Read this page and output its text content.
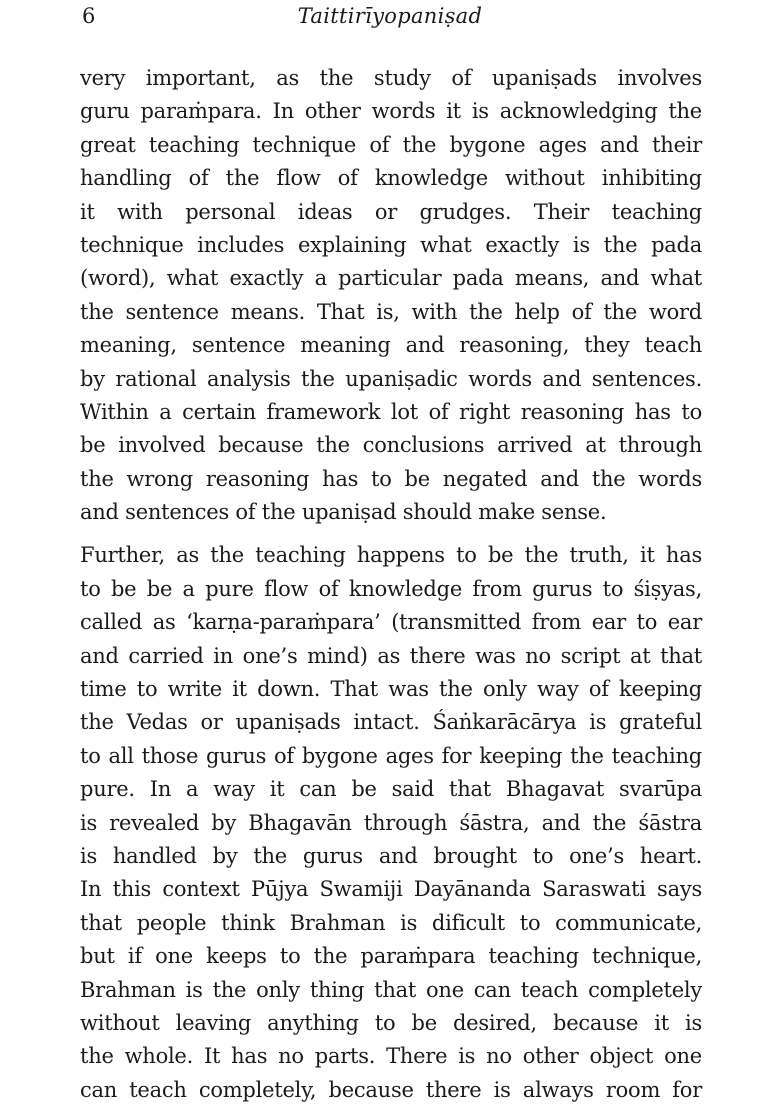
6	Taittirīyopaniṣad
very important, as the study of upaniṣads involves
guru paraṁpara. In other words it is acknowledging the
great teaching technique of the bygone ages and their
handling of the flow of knowledge without inhibiting
it with personal ideas or grudges. Their teaching
technique includes explaining what exactly is the pada
(word), what exactly a particular pada means, and what
the sentence means. That is, with the help of the word
meaning, sentence meaning and reasoning, they teach
by rational analysis the upaniṣadic words and sentences.
Within a certain framework lot of right reasoning has to
be involved because the conclusions arrived at through
the wrong reasoning has to be negated and the words
and sentences of the upaniṣad should make sense.
Further, as the teaching happens to be the truth, it has
to be be a pure flow of knowledge from gurus to śiṣyas,
called as ‘karṇa-paraṁpara’ (transmitted from ear to ear
and carried in one’s mind) as there was no script at that
time to write it down. That was the only way of keeping
the Vedas or upaniṣads intact. Śaṅkarācārya is grateful
to all those gurus of bygone ages for keeping the teaching
pure. In a way it can be said that Bhagavat svarūpa
is revealed by Bhagavān through śāstra, and the śāstra
is handled by the gurus and brought to one’s heart.
In this context Pūjya Swamiji Dayānanda Saraswati says
that people think Brahman is dificult to communicate,
but if one keeps to the paraṁpara teaching technique,
Brahman is the only thing that one can teach completely
without leaving anything to be desired, because it is
the whole. It has no parts. There is no other object one
can teach completely, because there is always room for
